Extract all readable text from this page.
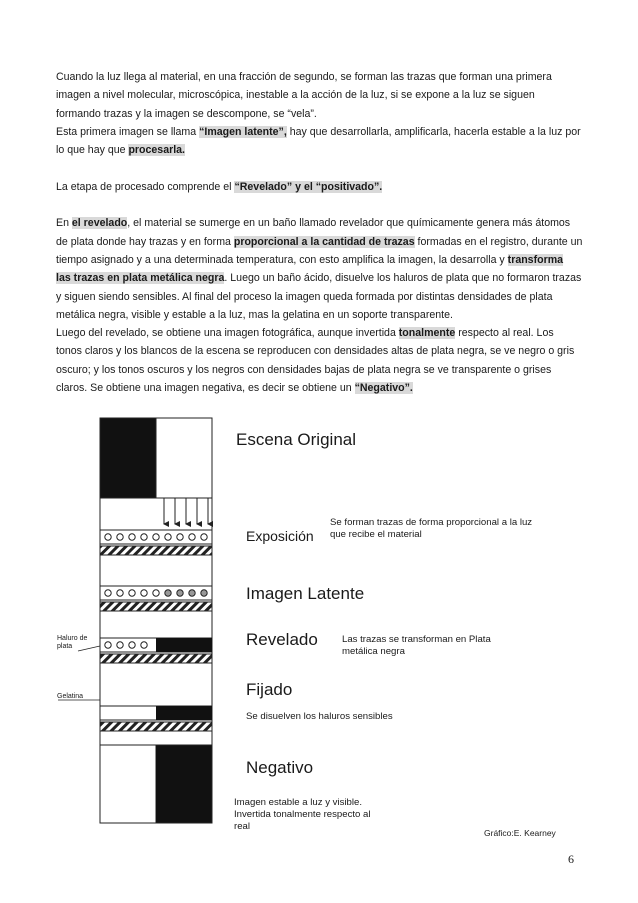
Cuando la luz llega al material, en una fracción de segundo, se forman las trazas que forman una primera

imagen a nivel molecular, microscópica, inestable a la acción de la luz, si se expone a la luz se siguen

formando trazas y la imagen se descompone, se “vela”.

Esta primera imagen se llama “Imagen latente”, hay que desarrollarla, amplificarla, hacerla estable a la luz por

lo que hay que procesarla.

La etapa de procesado comprende el “Revelado” y el “positivado”.

En el revelado, el material se sumerge en un baño llamado revelador que químicamente genera más átomos

de plata donde hay trazas y en forma proporcional a la cantidad de trazas formadas en el registro, durante un

tiempo asignado y a una determinada temperatura, con esto amplifica la imagen, la desarrolla y transforma

las trazas en plata metálica negra. Luego un baño ácido, disuelve los haluros de plata que no formaron trazas

y siguen siendo sensibles. Al final del proceso la imagen queda formada por distintas densidades de plata

metálica negra, visible y estable a la luz, mas la gelatina en un soporte transparente.

Luego del revelado, se obtiene una imagen fotográfica, aunque invertida tonalmente respecto al real. Los

tonos claros y los blancos de la escena se reproducen con densidades altas de plata negra, se ve negro o gris

oscuro; y los tonos oscuros y los negros con densidades bajas de plata negra se ve transparente o grises

claros. Se obtiene una imagen negativa, es decir se obtiene un “Negativo”.

Escena Original
Exposición
Se forman trazas de forma proporcional a la luz que recibe el material
Imagen Latente
Revelado	Las trazas se transforman en Plata metálica negra
Fijado
Se disuelven los haluros sensibles
Negativo
Imagen estable a luz y visible. Invertida tonalmente respecto al real
Haluro de plata
Gelatina
Gráfico:E. Kearney
6
